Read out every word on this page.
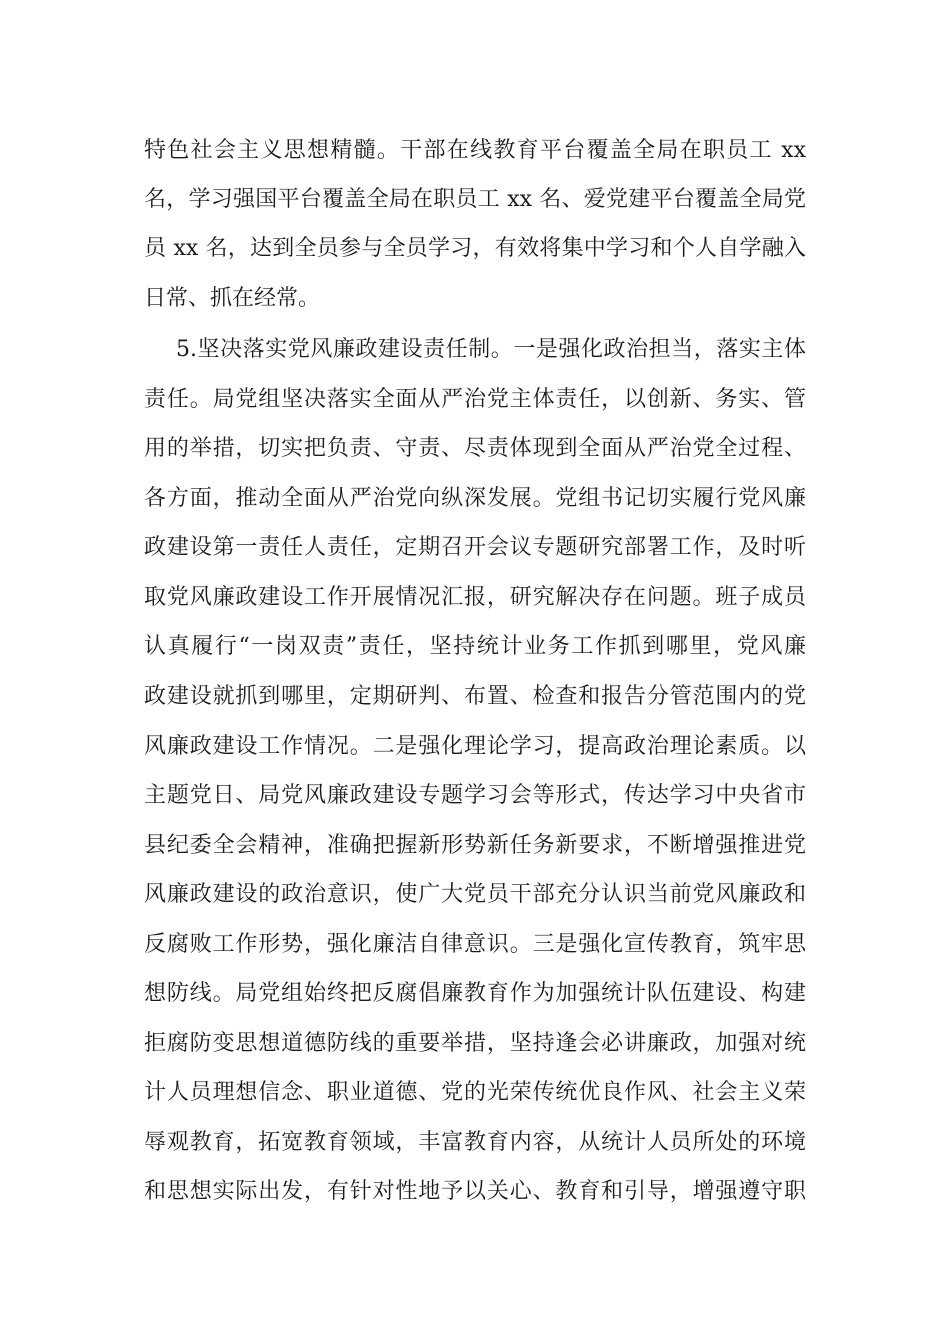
特色社会主义思想精髓。干部在线教育平台覆盖全局在职员工 xx
名，学习强国平台覆盖全局在职员工 xx 名、爱党建平台覆盖全局党
员 xx 名，达到全员参与全员学习，有效将集中学习和个人自学融入
日常、抓在经常。
5.坚决落实党风廉政建设责任制。一是强化政治担当，落实主体
责任。局党组坚决落实全面从严治党主体责任，以创新、务实、管
用的举措，切实把负责、守责、尽责体现到全面从严治党全过程、
各方面，推动全面从严治党向纵深发展。党组书记切实履行党风廉
政建设第一责任人责任，定期召开会议专题研究部署工作，及时听
取党风廉政建设工作开展情况汇报，研究解决存在问题。班子成员
认真履行“一岗双责”责任，坚持统计业务工作抓到哪里，党风廉
政建设就抓到哪里，定期研判、布置、检查和报告分管范围内的党
风廉政建设工作情况。二是强化理论学习，提高政治理论素质。以
主题党日、局党风廉政建设专题学习会等形式，传达学习中央省市
县纪委全会精神，准确把握新形势新任务新要求，不断增强推进党
风廉政建设的政治意识，使广大党员干部充分认识当前党风廉政和
反腐败工作形势，强化廉洁自律意识。三是强化宣传教育，筑牢思
想防线。局党组始终把反腐倡廉教育作为加强统计队伍建设、构建
拒腐防变思想道德防线的重要举措，坚持逢会必讲廉政，加强对统
计人员理想信念、职业道德、党的光荣传统优良作风、社会主义荣
辱观教育，拓宽教育领域，丰富教育内容，从统计人员所处的环境
和思想实际出发，有针对性地予以关心、教育和引导，增强遵守职
